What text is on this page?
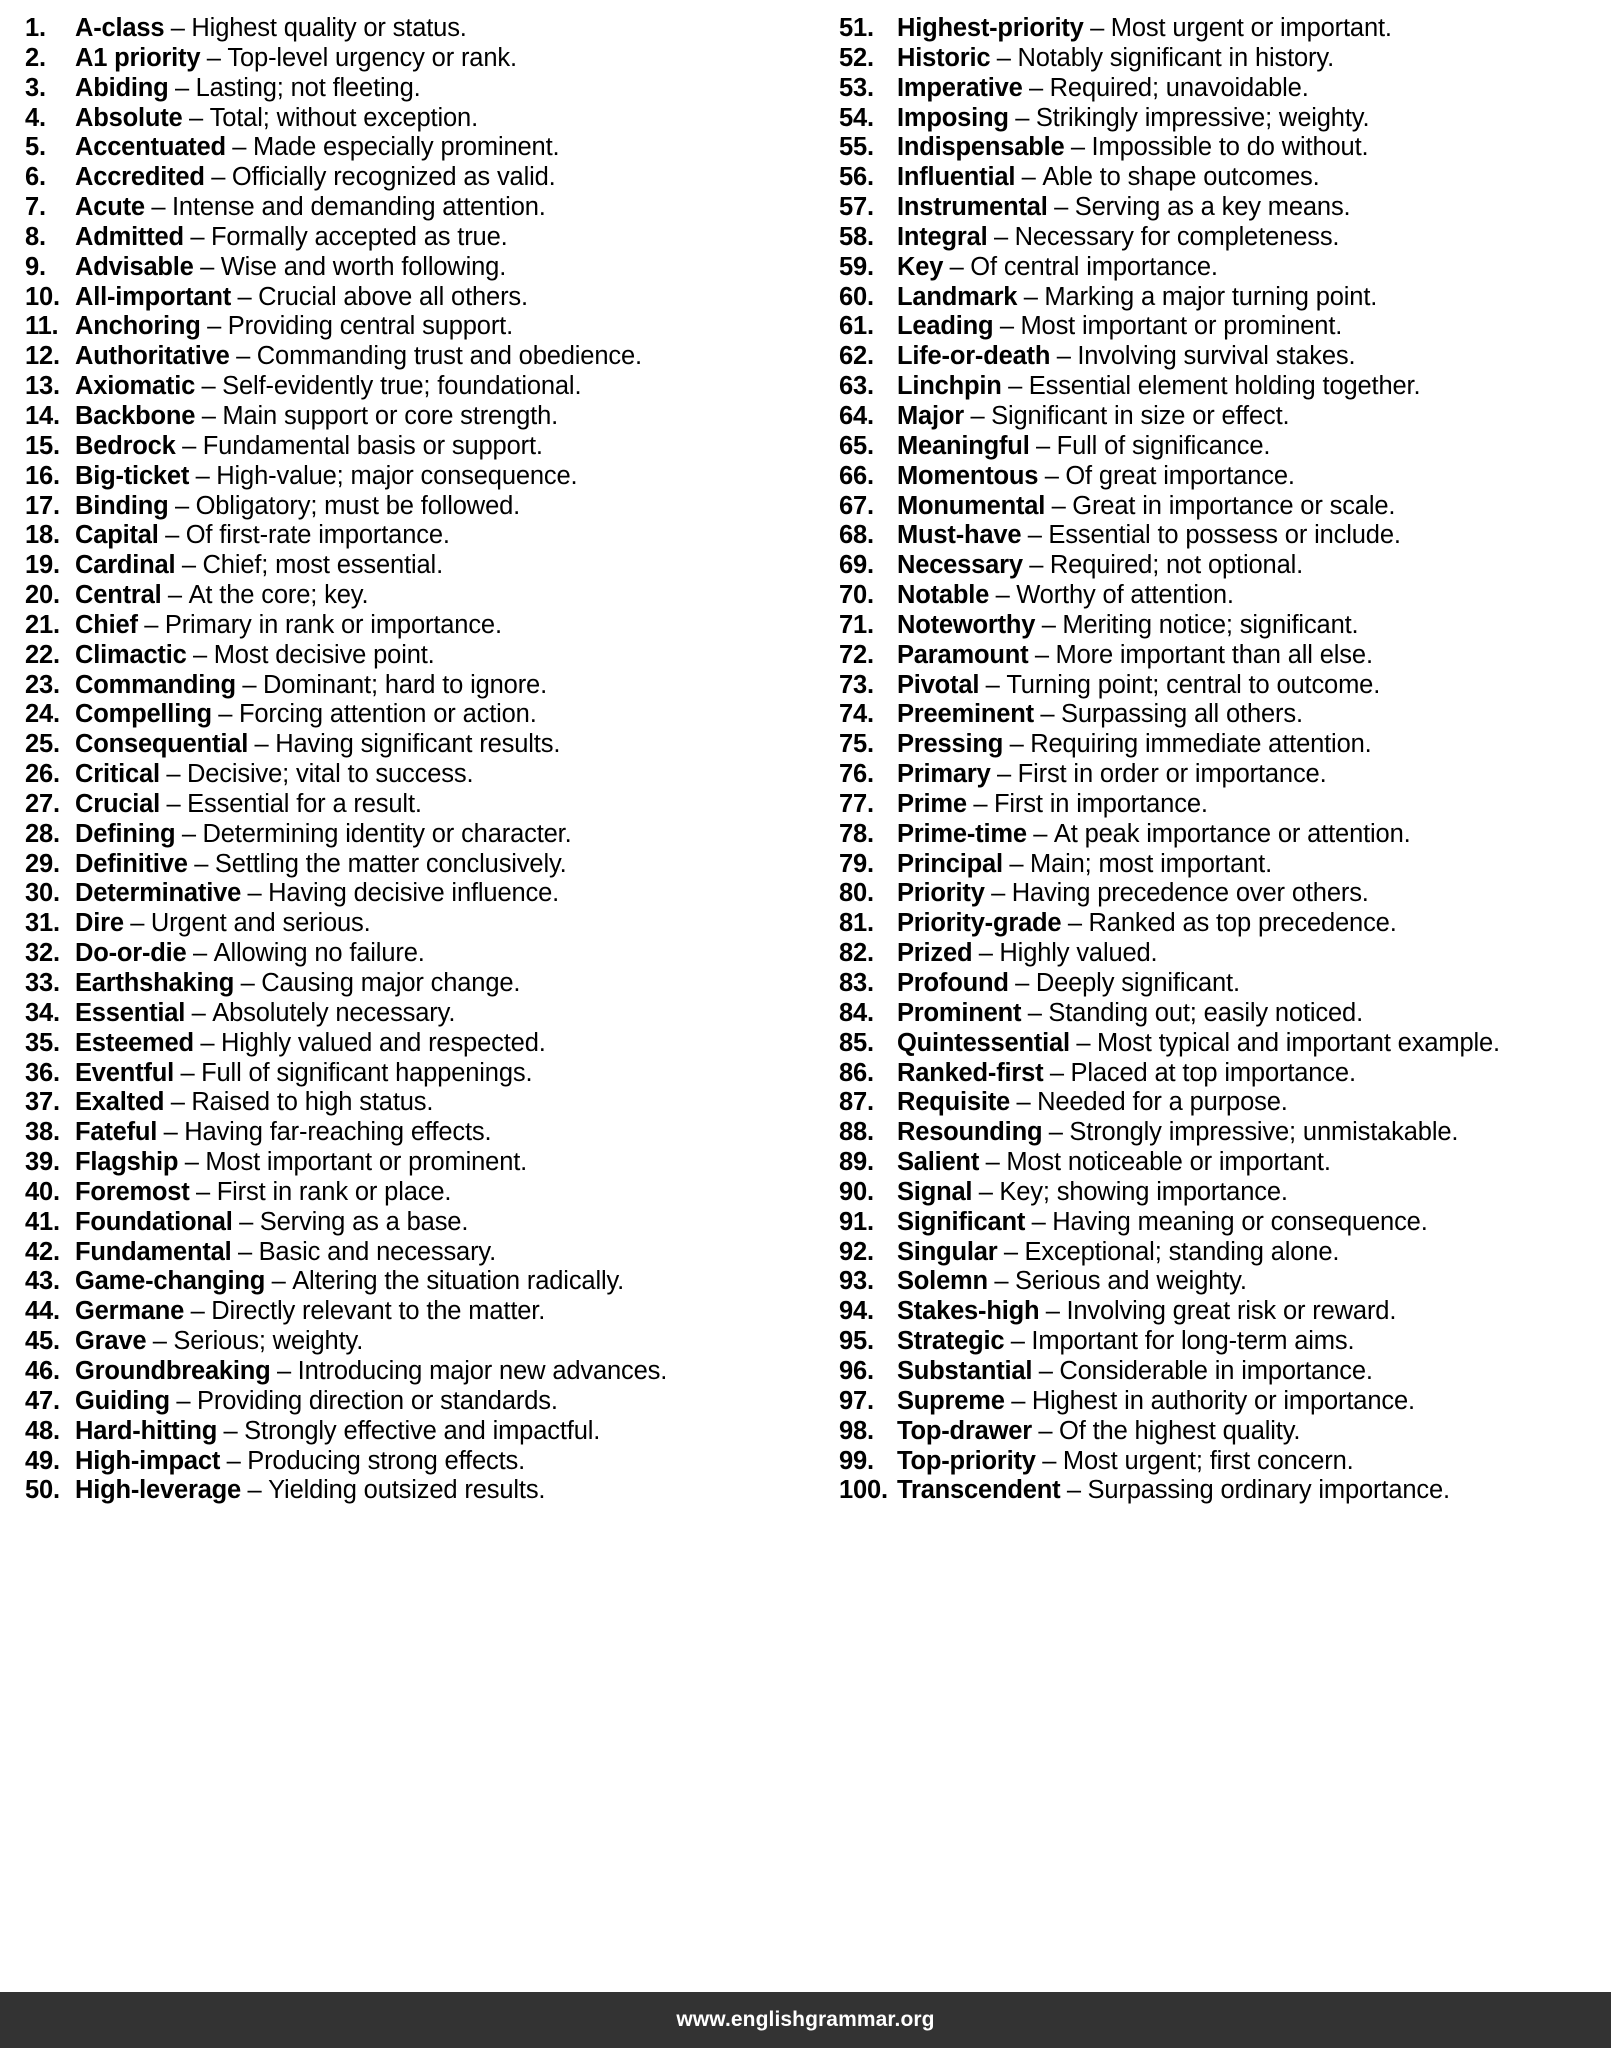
1.	A-class – Highest quality or status.
2.	A1 priority – Top-level urgency or rank.
3.	Abiding – Lasting; not fleeting.
4.	Absolute – Total; without exception.
5.	Accentuated – Made especially prominent.
6.	Accredited – Officially recognized as valid.
7.	Acute – Intense and demanding attention.
8.	Admitted – Formally accepted as true.
9.	Advisable – Wise and worth following.
10. All-important – Crucial above all others.
11. Anchoring – Providing central support.
12. Authoritative – Commanding trust and obedience.
13. Axiomatic – Self-evidently true; foundational.
14. Backbone – Main support or core strength.
15. Bedrock – Fundamental basis or support.
16. Big-ticket – High-value; major consequence.
17. Binding – Obligatory; must be followed.
18. Capital – Of first-rate importance.
19. Cardinal – Chief; most essential.
20. Central – At the core; key.
21. Chief – Primary in rank or importance.
22. Climactic – Most decisive point.
23. Commanding – Dominant; hard to ignore.
24. Compelling – Forcing attention or action.
25. Consequential – Having significant results.
26. Critical – Decisive; vital to success.
27. Crucial – Essential for a result.
28. Defining – Determining identity or character.
29. Definitive – Settling the matter conclusively.
30. Determinative – Having decisive influence.
31. Dire – Urgent and serious.
32. Do-or-die – Allowing no failure.
33. Earthshaking – Causing major change.
34. Essential – Absolutely necessary.
35. Esteemed – Highly valued and respected.
36. Eventful – Full of significant happenings.
37. Exalted – Raised to high status.
38. Fateful – Having far-reaching effects.
39. Flagship – Most important or prominent.
40. Foremost – First in rank or place.
41. Foundational – Serving as a base.
42. Fundamental – Basic and necessary.
43. Game-changing – Altering the situation radically.
44. Germane – Directly relevant to the matter.
45. Grave – Serious; weighty.
46. Groundbreaking – Introducing major new advances.
47. Guiding – Providing direction or standards.
48. Hard-hitting – Strongly effective and impactful.
49. High-impact – Producing strong effects.
50. High-leverage – Yielding outsized results.
51. Highest-priority – Most urgent or important.
52. Historic – Notably significant in history.
53. Imperative – Required; unavoidable.
54. Imposing – Strikingly impressive; weighty.
55. Indispensable – Impossible to do without.
56. Influential – Able to shape outcomes.
57. Instrumental – Serving as a key means.
58. Integral – Necessary for completeness.
59. Key – Of central importance.
60. Landmark – Marking a major turning point.
61. Leading – Most important or prominent.
62. Life-or-death – Involving survival stakes.
63. Linchpin – Essential element holding together.
64. Major – Significant in size or effect.
65. Meaningful – Full of significance.
66. Momentous – Of great importance.
67. Monumental – Great in importance or scale.
68. Must-have – Essential to possess or include.
69. Necessary – Required; not optional.
70. Notable – Worthy of attention.
71. Noteworthy – Meriting notice; significant.
72. Paramount – More important than all else.
73. Pivotal – Turning point; central to outcome.
74. Preeminent – Surpassing all others.
75. Pressing – Requiring immediate attention.
76. Primary – First in order or importance.
77. Prime – First in importance.
78. Prime-time – At peak importance or attention.
79. Principal – Main; most important.
80. Priority – Having precedence over others.
81. Priority-grade – Ranked as top precedence.
82. Prized – Highly valued.
83. Profound – Deeply significant.
84. Prominent – Standing out; easily noticed.
85. Quintessential – Most typical and important example.
86. Ranked-first – Placed at top importance.
87. Requisite – Needed for a purpose.
88. Resounding – Strongly impressive; unmistakable.
89. Salient – Most noticeable or important.
90. Signal – Key; showing importance.
91. Significant – Having meaning or consequence.
92. Singular – Exceptional; standing alone.
93. Solemn – Serious and weighty.
94. Stakes-high – Involving great risk or reward.
95. Strategic – Important for long-term aims.
96. Substantial – Considerable in importance.
97. Supreme – Highest in authority or importance.
98. Top-drawer – Of the highest quality.
99. Top-priority – Most urgent; first concern.
100. Transcendent – Surpassing ordinary importance.
www.englishgrammar.org
